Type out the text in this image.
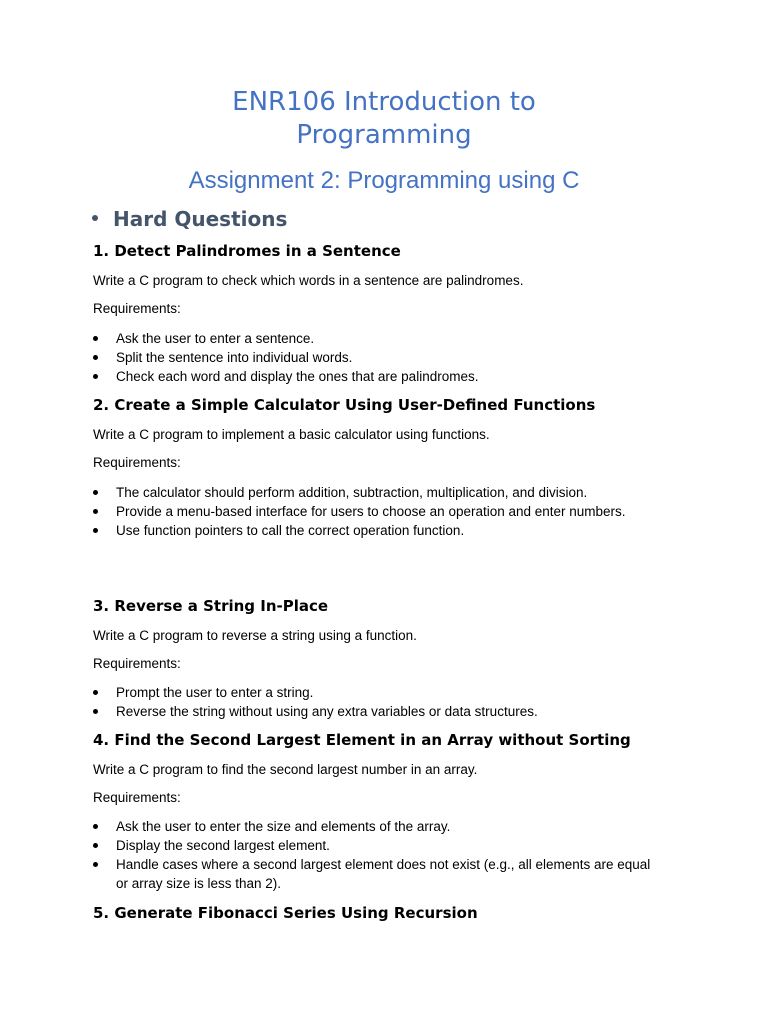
ENR106 Introduction to
Programming
Assignment 2: Programming using C
Hard Questions
1. Detect Palindromes in a Sentence
Write a C program to check which words in a sentence are palindromes.
Requirements:
Ask the user to enter a sentence.
Split the sentence into individual words.
Check each word and display the ones that are palindromes.
2. Create a Simple Calculator Using User-Defined Functions
Write a C program to implement a basic calculator using functions.
Requirements:
The calculator should perform addition, subtraction, multiplication, and division.
Provide a menu-based interface for users to choose an operation and enter numbers.
Use function pointers to call the correct operation function.
3. Reverse a String In-Place
Write a C program to reverse a string using a function.
Requirements:
Prompt the user to enter a string.
Reverse the string without using any extra variables or data structures.
4. Find the Second Largest Element in an Array without Sorting
Write a C program to find the second largest number in an array.
Requirements:
Ask the user to enter the size and elements of the array.
Display the second largest element.
Handle cases where a second largest element does not exist (e.g., all elements are equal or array size is less than 2).
5. Generate Fibonacci Series Using Recursion
